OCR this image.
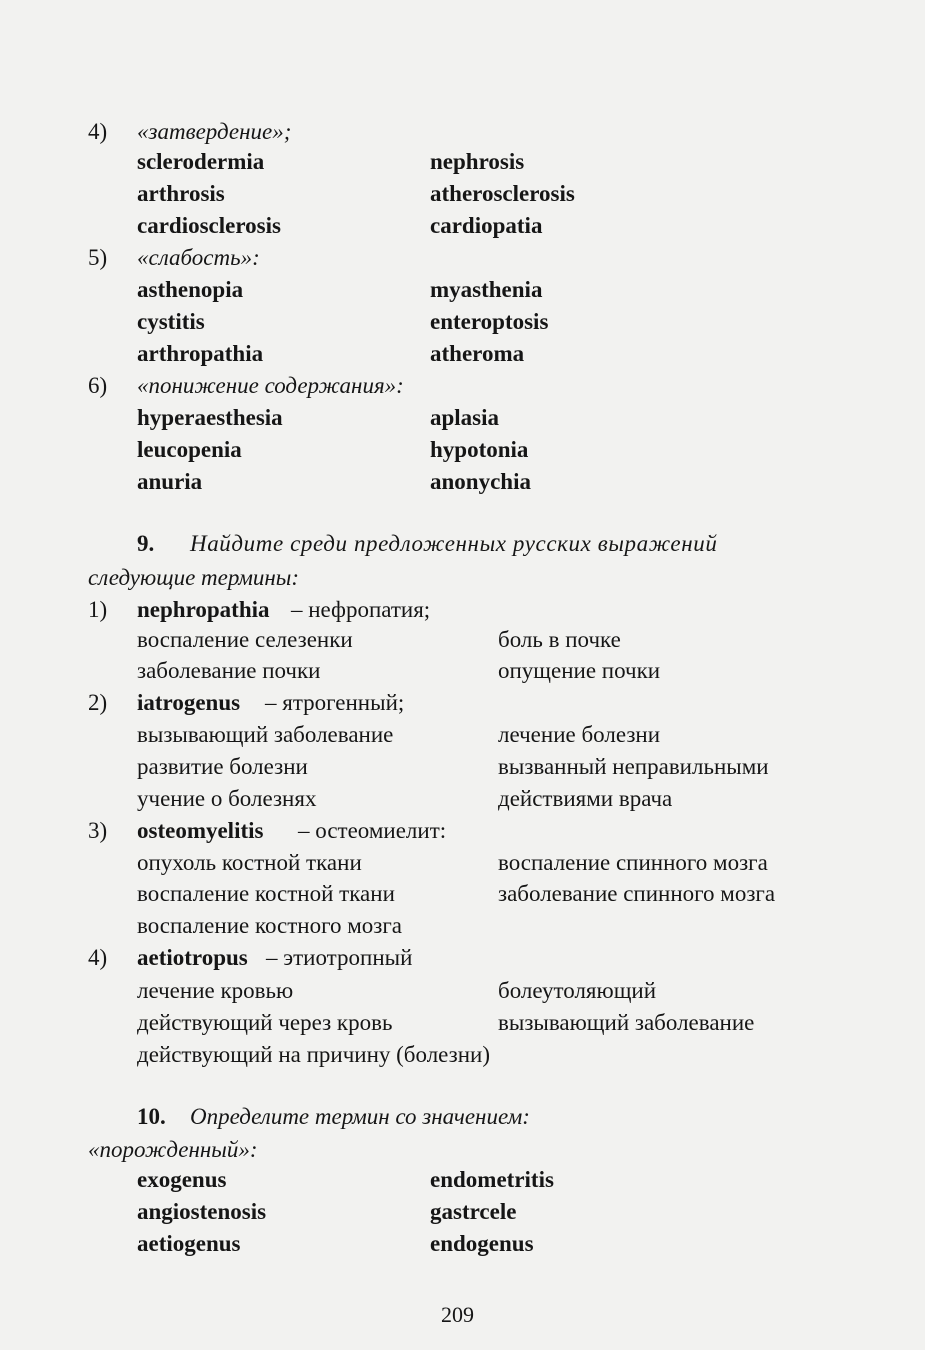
4) «затвердение»;
sclerodermia	nephrosis
arthrosis	atherosclerosis
cardiosclerosis	cardiopatia
5) «слабость»:
asthenopia	myasthenia
cystitis	enteroptosis
arthropathia	atheroma
6) «понижение содержания»:
hyperaesthesia	aplasia
leucopenia	hypotonia
anuria	anonychia
9. Найдите среди предложенных русских выражений
следующие термины:
1) nephropathia – нефропатия;
воспаление селезенки	боль в почке
заболевание почки	опущение почки
2) iatrogenus – ятрогенный;
вызывающий заболевание	лечение болезни
развитие болезни	вызванный неправильными
учение о болезнях	действиями врача
3) osteomyelitis – остеомиелит:
опухоль костной ткани	воспаление спинного мозга
воспаление костной ткани	заболевание спинного мозга
воспаление костного мозга
4) aetiotropus – этиотропный
лечение кровью	болеутоляющий
действующий через кровь	вызывающий заболевание
действующий на причину (болезни)
10. Определите термин со значением:
«порожденный»:
exogenus	endometritis
angiostenosis	gastrcele
aetiogenus	endogenus
209
